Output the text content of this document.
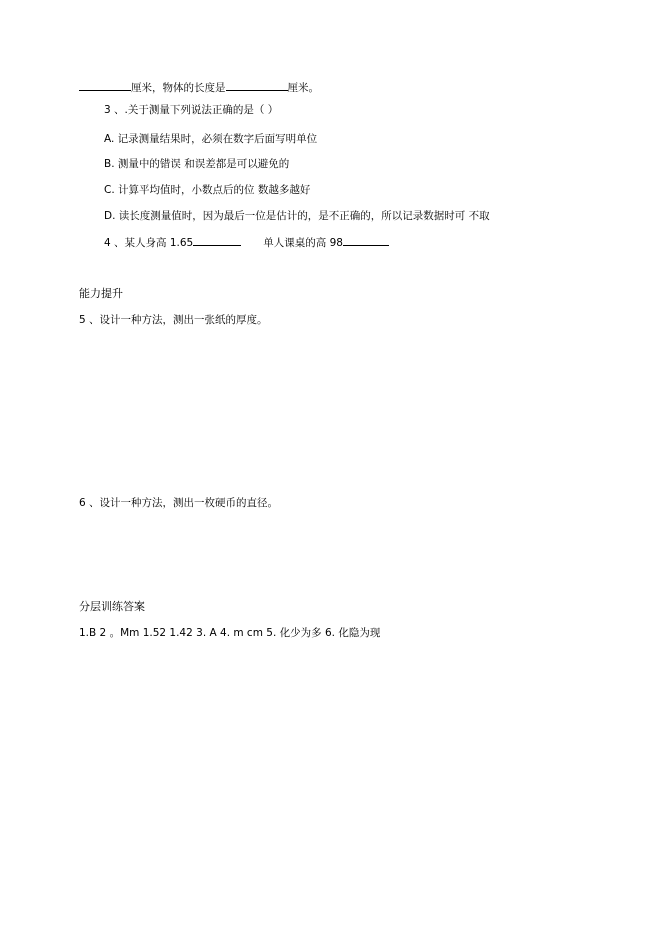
厘米，物体的长度是	厘米。
3 、.关于测量下列说法正确的是（ ）
A. 记录测量结果时，必须在数字后面写明单位
B. 测量中的错误 和误差都是可以避免的
C. 计算平均值时，小数点后的位 数越多越好
D. 读长度测量值时，因为最后一位是估计的，是不正确的，所以记录数据时可 不取
4 、某人身高 1.65	单人课桌的高 98
能力提升
5 、设计一种方法，测出一张纸的厚度。
6 、设计一种方法，测出一枚硬币的直径。
分层训练答案
1.B 2 。Mm 1.52 1.42 3. A 4. m cm 5. 化少为多 6. 化隐为现
